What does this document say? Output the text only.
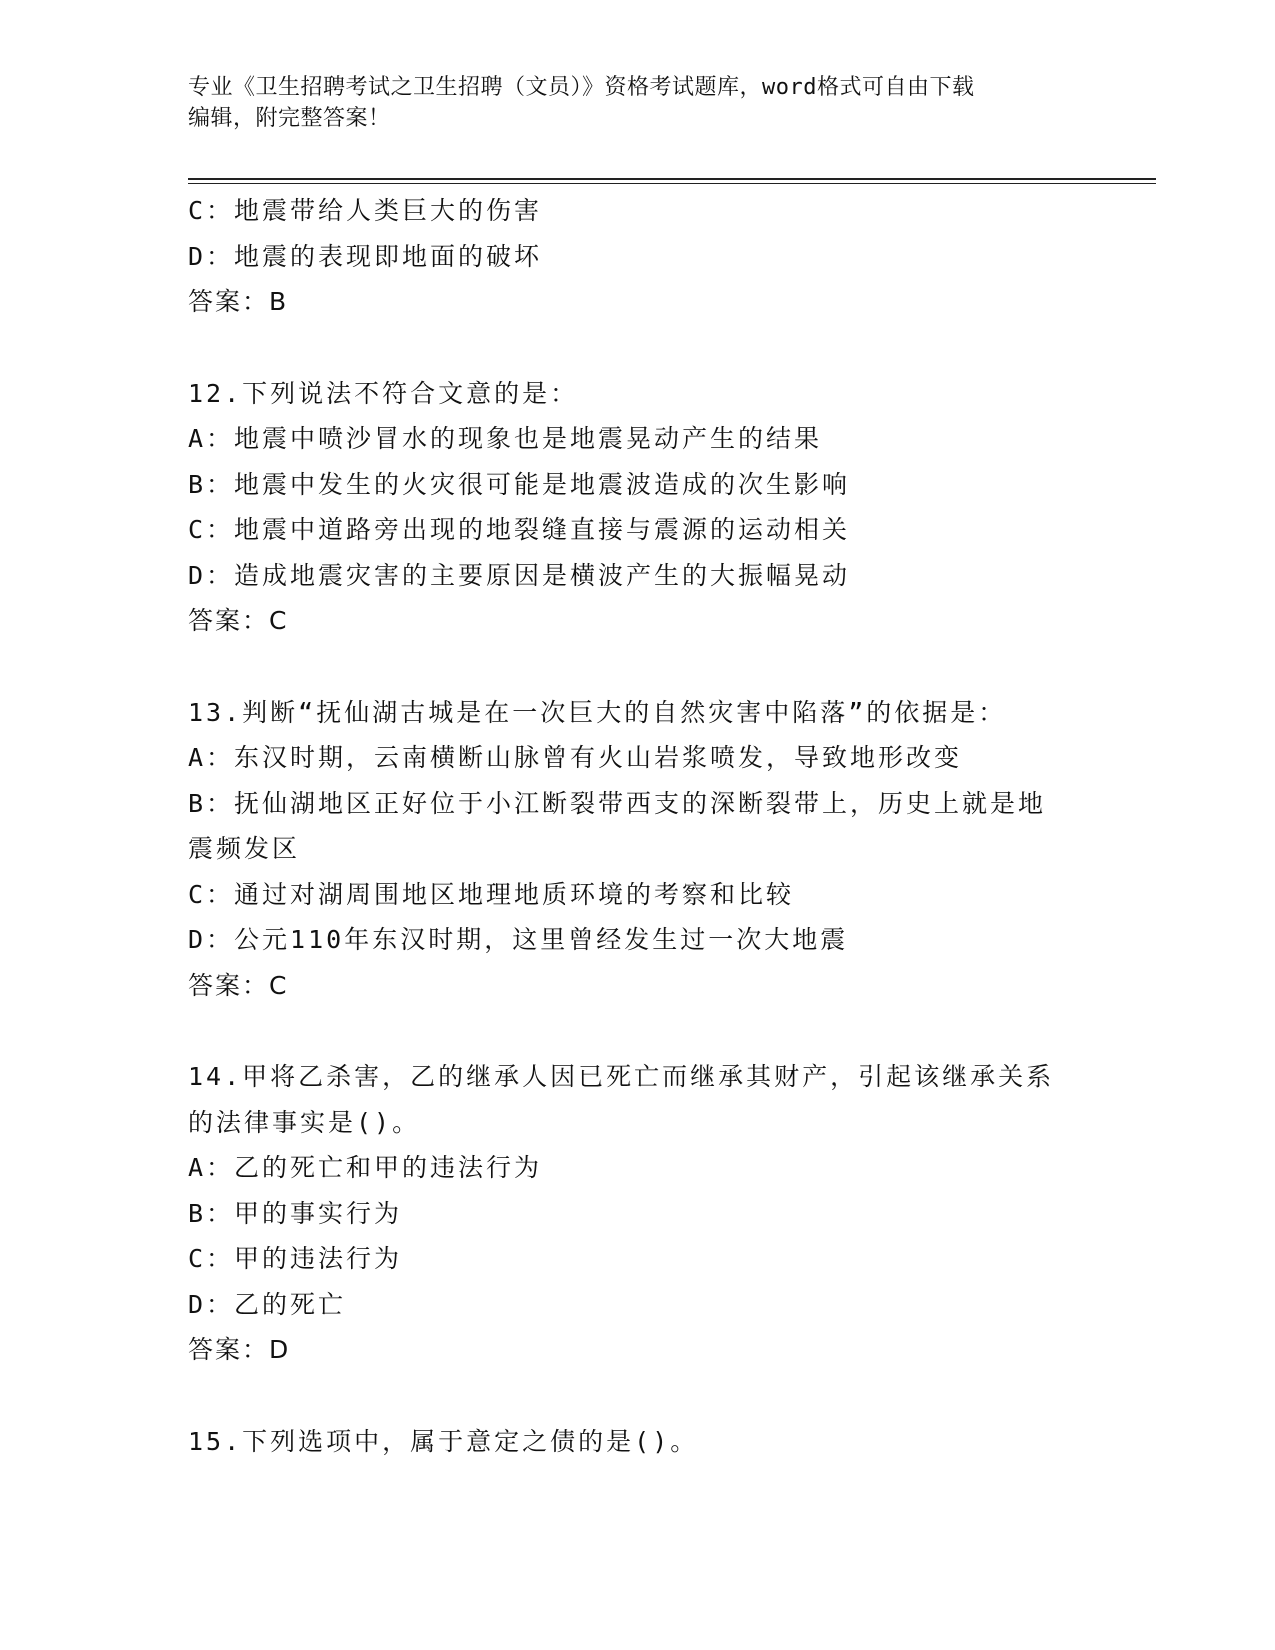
专业《卫生招聘考试之卫生招聘（文员）》资格考试题库，word格式可自由下载
编辑，附完整答案！
C：地震带给人类巨大的伤害
D：地震的表现即地面的破坏
答案：B
12.下列说法不符合文意的是：
A：地震中喷沙冒水的现象也是地震晃动产生的结果
B：地震中发生的火灾很可能是地震波造成的次生影响
C：地震中道路旁出现的地裂缝直接与震源的运动相关
D：造成地震灾害的主要原因是横波产生的大振幅晃动
答案：C
13.判断“抚仙湖古城是在一次巨大的自然灾害中陷落”的依据是：
A：东汉时期，云南横断山脉曾有火山岩浆喷发，导致地形改变
B：抚仙湖地区正好位于小江断裂带西支的深断裂带上，历史上就是地
震频发区
C：通过对湖周围地区地理地质环境的考察和比较
D：公元110年东汉时期，这里曾经发生过一次大地震
答案：C
14.甲将乙杀害，乙的继承人因已死亡而继承其财产，引起该继承关系
的法律事实是()。
A：乙的死亡和甲的违法行为
B：甲的事实行为
C：甲的违法行为
D：乙的死亡
答案：D
15.下列选项中，属于意定之债的是()。
